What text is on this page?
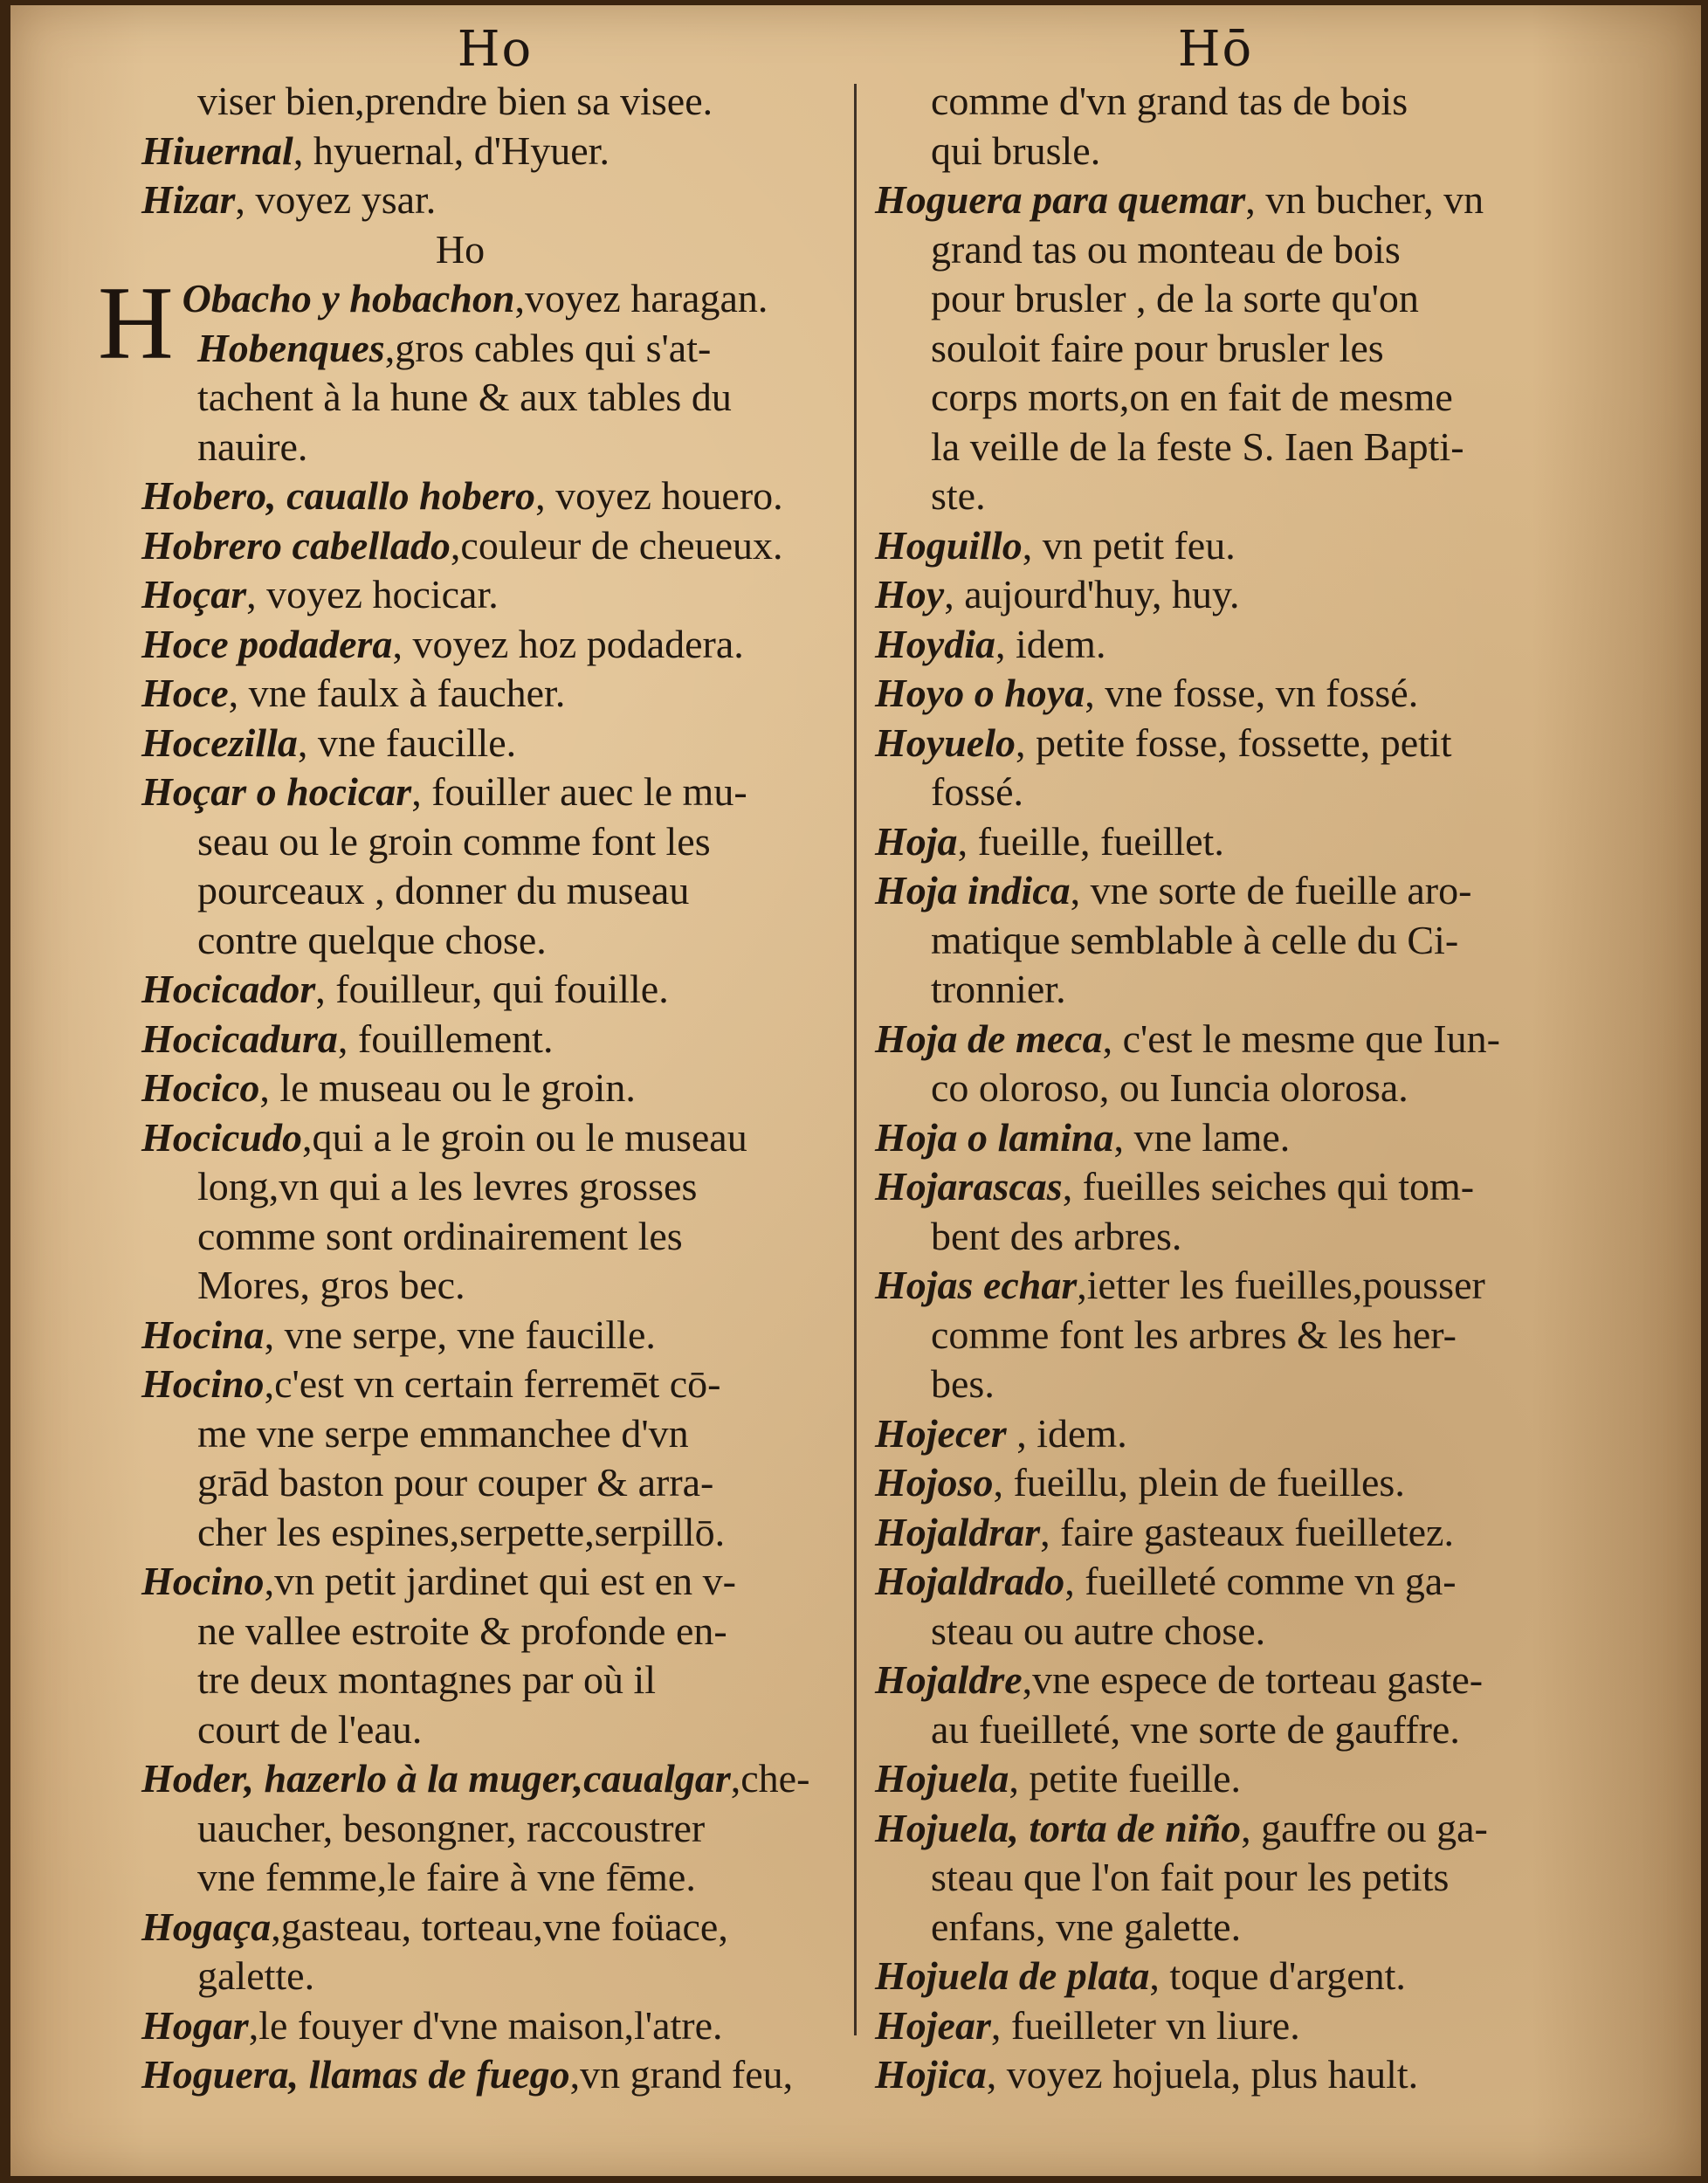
Ho	Hō
viser bien,prendre bien sa visee.
Hiuernal, hyuernal, d'Hyuer.
Hizar, voyez ysar.
Ho
H Obacho y hobachon,voyez haragan.
Hobenques,gros cables qui s'at-
tachent à la hune & aux tables du
nauire.
Hobero, cauallo hobero, voyez houero.
Hobrero cabellado,couleur de cheueux.
Hoçar, voyez hocicar.
Hoce podadera, voyez hoz podadera.
Hoce, vne faulx à faucher.
Hocezilla, vne faucille.
Hoçar o hocicar, fouiller auec le mu-
seau ou le groin comme font les
pourceaux , donner du museau
contre quelque chose.
Hocicador, fouilleur, qui fouille.
Hocicadura, fouillement.
Hocico, le museau ou le groin.
Hocicudo,qui a le groin ou le museau
long,vn qui a les levres grosses
comme sont ordinairement les
Mores, gros bec.
Hocina, vne serpe, vne faucille.
Hocino,c'est vn certain ferremēt cō-
me vne serpe emmanchee d'vn
grād baston pour couper & arra-
cher les espines,serpette,serpillō.
Hocino,vn petit jardinet qui est en v-
ne vallee estroite & profonde en-
tre deux montagnes par où il
court de l'eau.
Hoder, hazerlo à la muger,caualgar,che-
uaucher, besongner, raccoustrer
vne femme,le faire à vne fēme.
Hogaça,gasteau, torteau,vne foüace,
galette.
Hogar,le fouyer d'vne maison,l'atre.
Hoguera, llamas de fuego,vn grand feu,
comme d'vn grand tas de bois
qui brusle.
Hoguera para quemar, vn bucher, vn
grand tas ou monteau de bois
pour brusler , de la sorte qu'on
souloit faire pour brusler les
corps morts,on en fait de mesme
la veille de la feste S. Iaen Bapti-
ste.
Hoguillo, vn petit feu.
Hoy, aujourd'huy, huy.
Hoydia, idem.
Hoyo o hoya, vne fosse, vn fossé.
Hoyuelo, petite fosse, fossette, petit
fossé.
Hoja, fueille, fueillet.
Hoja indica, vne sorte de fueille aro-
matique semblable à celle du Ci-
tronnier.
Hoja de meca, c'est le mesme que Iun-
co oloroso, ou Iuncia olorosa.
Hoja o lamina, vne lame.
Hojarascas, fueilles seiches qui tom-
bent des arbres.
Hojas echar,ietter les fueilles,pousser
comme font les arbres & les her-
bes.
Hojecer , idem.
Hojoso, fueillu, plein de fueilles.
Hojaldrar, faire gasteaux fueilletez.
Hojaldrado, fueilleté comme vn ga-
steau ou autre chose.
Hojaldre,vne espece de torteau gaste-
au fueilleté, vne sorte de gauffre.
Hojuela, petite fueille.
Hojuela, torta de niño, gauffre ou ga-
steau que l'on fait pour les petits
enfans, vne galette.
Hojuela de plata, toque d'argent.
Hojear, fueilleter vn liure.
Hojica, voyez hojuela, plus hault.
